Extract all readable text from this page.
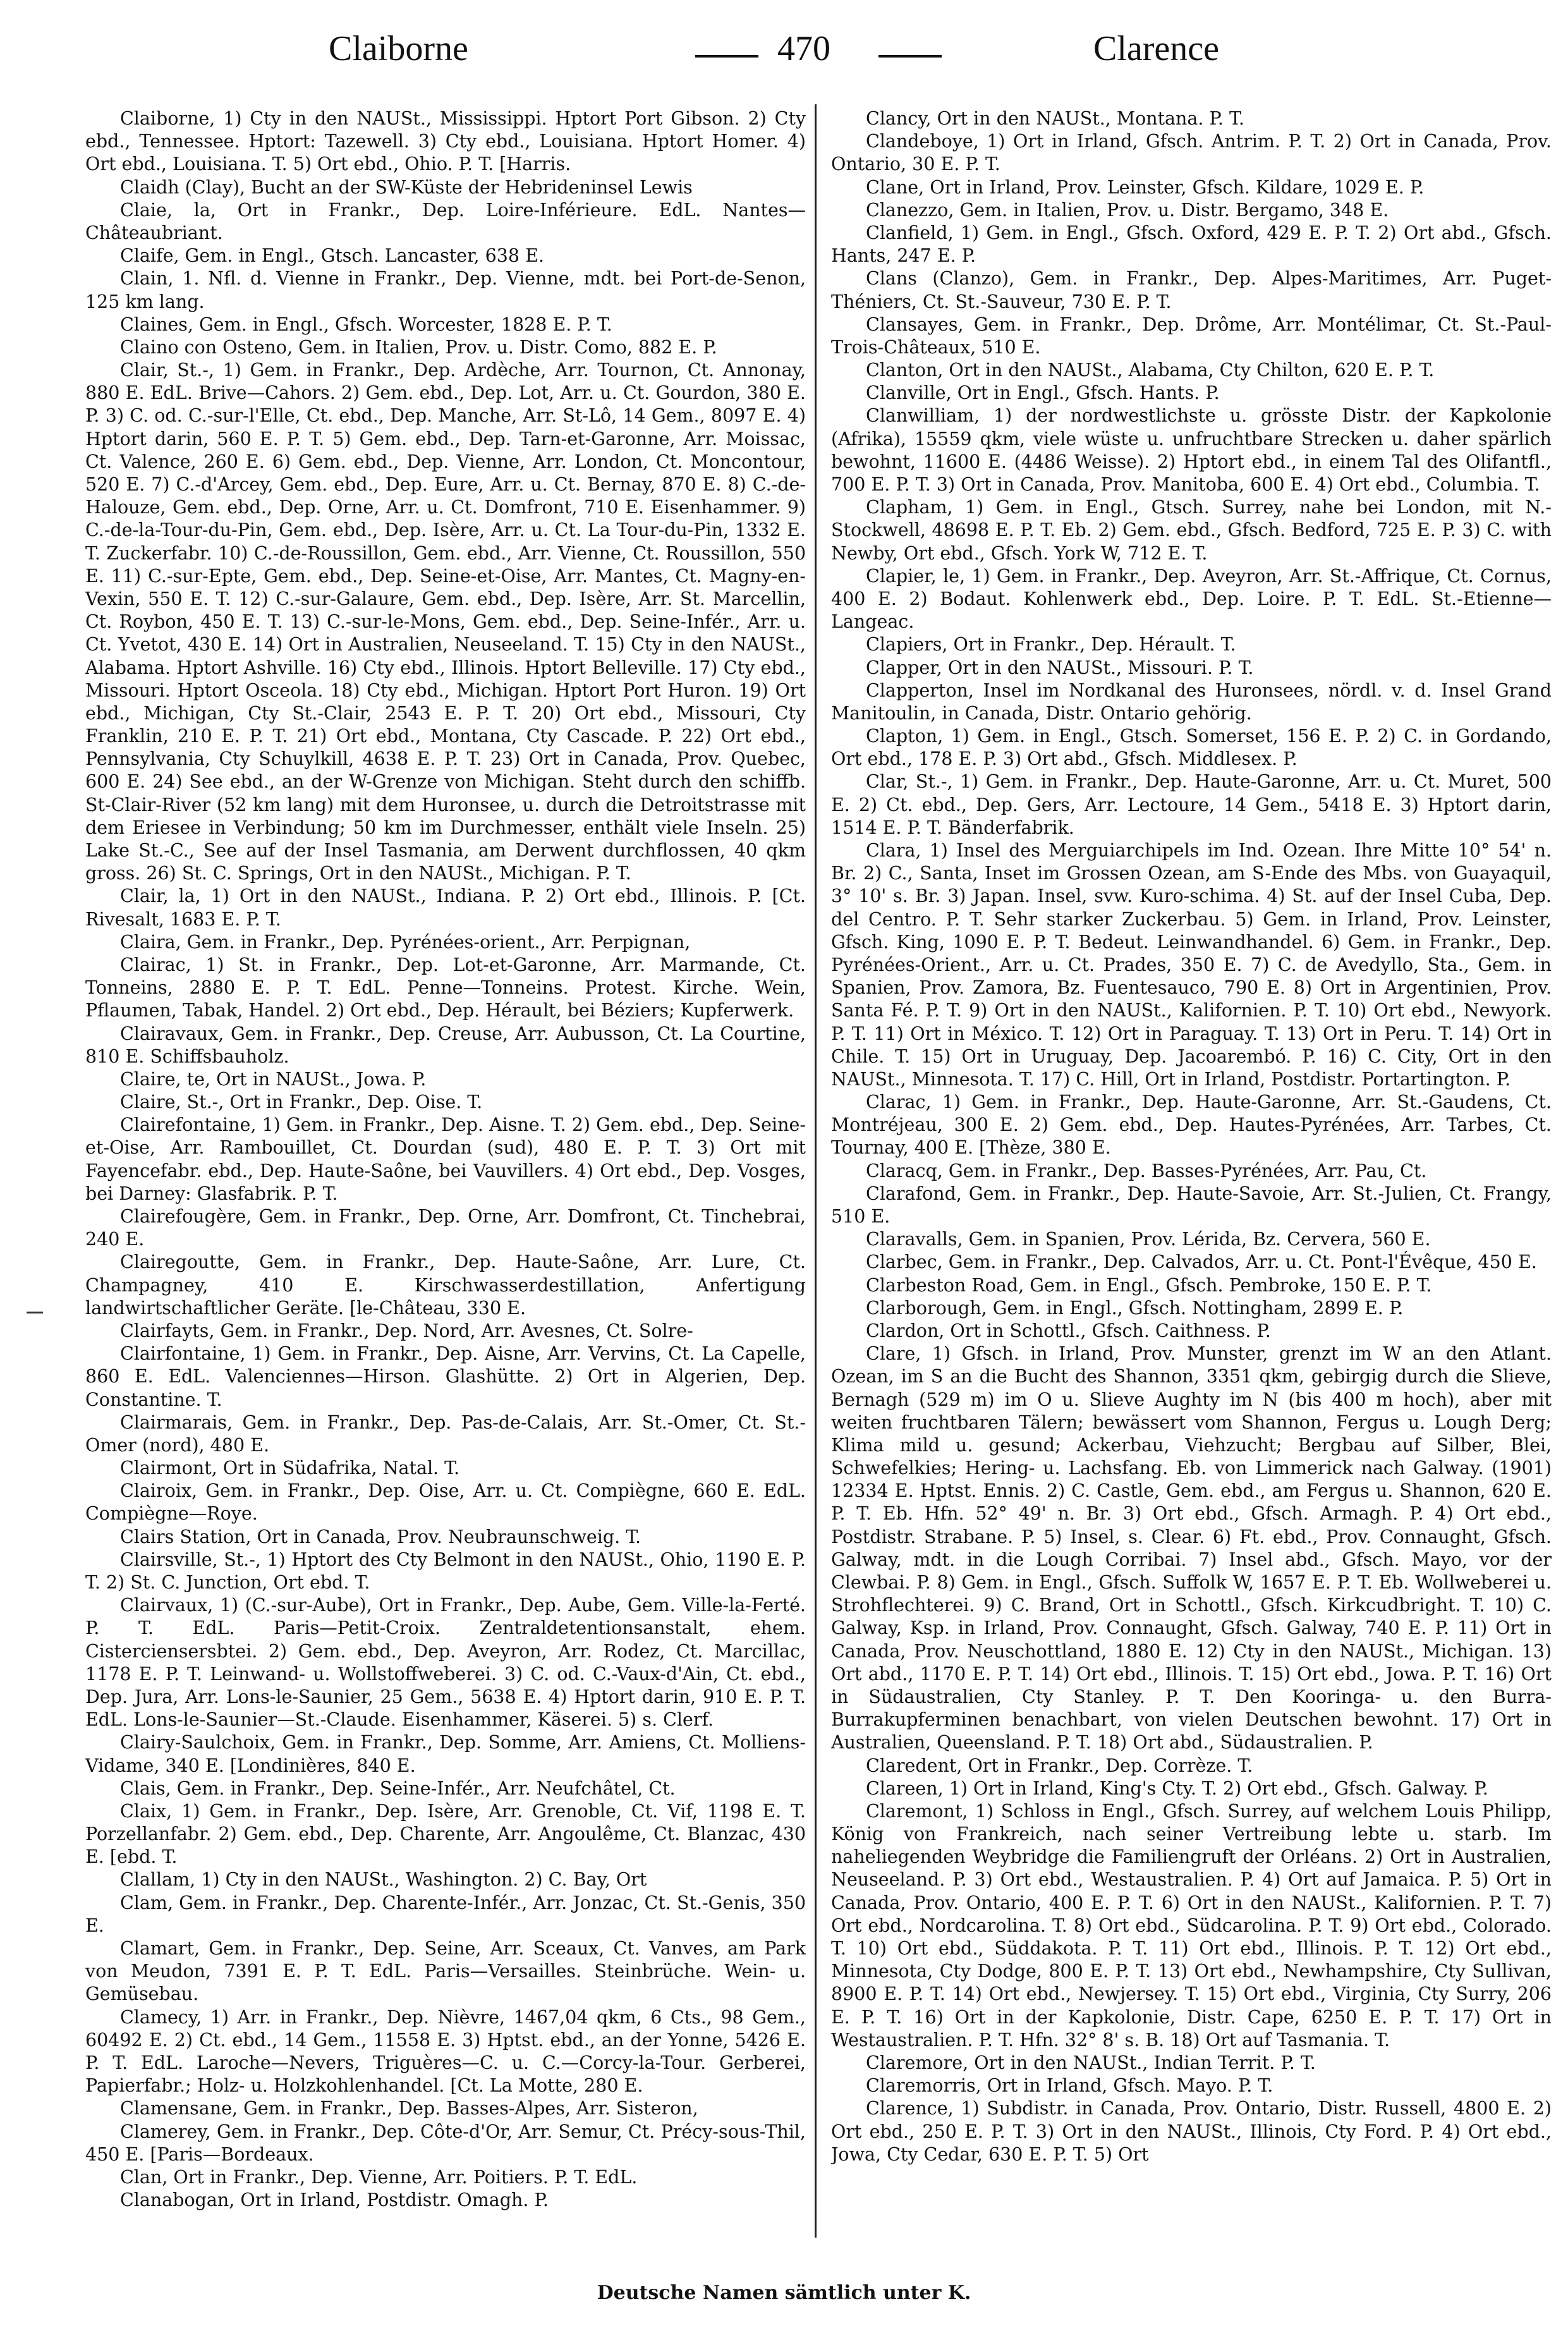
Claiborne	470	Clarence

Claiborne, 1) Cty in den NAUSt., Mississippi. Hptort Port Gibson. 2) Cty ebd., Tennessee. Hptort: Tazewell. 3) Cty ebd., Louisiana. Hptort Homer. 4) Ort ebd., Louisiana. T. 5) Ort ebd., Ohio. P. T. [Harris.

Claidh (Clay), Bucht an der SW-Küste der Hebrideninsel Lewis

Claie, la, Ort in Frankr., Dep. Loire-Inférieure. EdL. Nantes—Châteaubriant.

Claife, Gem. in Engl., Gtsch. Lancaster, 638 E.

Clain, 1. Nfl. d. Vienne in Frankr., Dep. Vienne, mdt. bei Port-de-Senon, 125 km lang.

Claines, Gem. in Engl., Gfsch. Worcester, 1828 E. P. T.

Claino con Osteno, Gem. in Italien, Prov. u. Distr. Como, 882 E. P.

Clair, St.-, 1) Gem. in Frankr., Dep. Ardèche, Arr. Tournon, Ct. Annonay, 880 E. EdL. Brive—Cahors. 2) Gem. ebd., Dep. Lot, Arr. u. Ct. Gourdon, 380 E. P. 3) C. od. C.-sur-l'Elle, Ct. ebd., Dep. Manche, Arr. St-Lô, 14 Gem., 8097 E. 4) Hptort darin, 560 E. P. T. 5) Gem. ebd., Dep. Tarn-et-Garonne, Arr. Moissac, Ct. Valence, 260 E. 6) Gem. ebd., Dep. Vienne, Arr. London, Ct. Moncontour, 520 E. 7) C.-d'Arcey, Gem. ebd., Dep. Eure, Arr. u. Ct. Bernay, 870 E. 8) C.-de-Halouze, Gem. ebd., Dep. Orne, Arr. u. Ct. Domfront, 710 E. Eisenhammer. 9) C.-de-la-Tour-du-Pin, Gem. ebd., Dep. Isère, Arr. u. Ct. La Tour-du-Pin, 1332 E. T. Zuckerfabr. 10) C.-de-Roussillon, Gem. ebd., Arr. Vienne, Ct. Roussillon, 550 E. 11) C.-sur-Epte, Gem. ebd., Dep. Seine-et-Oise, Arr. Mantes, Ct. Magny-en-Vexin, 550 E. T. 12) C.-sur-Galaure, Gem. ebd., Dep. Isère, Arr. St. Marcellin, Ct. Roybon, 450 E. T. 13) C.-sur-le-Mons, Gem. ebd., Dep. Seine-Infér., Arr. u. Ct. Yvetot, 430 E. 14) Ort in Australien, Neuseeland. T. 15) Cty in den NAUSt., Alabama. Hptort Ashville. 16) Cty ebd., Illinois. Hptort Belleville. 17) Cty ebd., Missouri. Hptort Osceola. 18) Cty ebd., Michigan. Hptort Port Huron. 19) Ort ebd., Michigan, Cty St.-Clair, 2543 E. P. T. 20) Ort ebd., Missouri, Cty Franklin, 210 E. P. T. 21) Ort ebd., Montana, Cty Cascade. P. 22) Ort ebd., Pennsylvania, Cty Schuylkill, 4638 E. P. T. 23) Ort in Canada, Prov. Quebec, 600 E. 24) See ebd., an der W-Grenze von Michigan. Steht durch den schiffb. St-Clair-River (52 km lang) mit dem Huronsee, u. durch die Detroitstrasse mit dem Eriesee in Verbindung; 50 km im Durchmesser, enthält viele Inseln. 25) Lake St.-C., See auf der Insel Tasmania, am Derwent durchflossen, 40 qkm gross. 26) St. C. Springs, Ort in den NAUSt., Michigan. P. T.

Clair, la, 1) Ort in den NAUSt., Indiana. P. 2) Ort ebd., Illinois. P. [Ct. Rivesalt, 1683 E. P. T.

Claira, Gem. in Frankr., Dep. Pyrénées-orient., Arr. Perpignan,

Clairac, 1) St. in Frankr., Dep. Lot-et-Garonne, Arr. Marmande, Ct. Tonneins, 2880 E. P. T. EdL. Penne—Tonneins. Protest. Kirche. Wein, Pflaumen, Tabak, Handel. 2) Ort ebd., Dep. Hérault, bei Béziers; Kupferwerk.

Clairavaux, Gem. in Frankr., Dep. Creuse, Arr. Aubusson, Ct. La Courtine, 810 E. Schiffsbauholz.

Claire, te, Ort in NAUSt., Jowa. P.

Claire, St.-, Ort in Frankr., Dep. Oise. T.

Clairefontaine, 1) Gem. in Frankr., Dep. Aisne. T. 2) Gem. ebd., Dep. Seine-et-Oise, Arr. Rambouillet, Ct. Dourdan (sud), 480 E. P. T. 3) Ort mit Fayencefabr. ebd., Dep. Haute-Saône, bei Vauvillers. 4) Ort ebd., Dep. Vosges, bei Darney: Glasfabrik. P. T.

Clairefougère, Gem. in Frankr., Dep. Orne, Arr. Domfront, Ct. Tinchebrai, 240 E.

Clairegoutte, Gem. in Frankr., Dep. Haute-Saône, Arr. Lure, Ct. Champagney, 410 E. Kirschwasserdestillation, Anfertigung landwirtschaftlicher Geräte. [le-Château, 330 E.

Clairfayts, Gem. in Frankr., Dep. Nord, Arr. Avesnes, Ct. Solre-

Clairfontaine, 1) Gem. in Frankr., Dep. Aisne, Arr. Vervins, Ct. La Capelle, 860 E. EdL. Valenciennes—Hirson. Glashütte. 2) Ort in Algerien, Dep. Constantine. T.

Clairmarais, Gem. in Frankr., Dep. Pas-de-Calais, Arr. St.-Omer, Ct. St.-Omer (nord), 480 E.

Clairmont, Ort in Südafrika, Natal. T.

Clairoix, Gem. in Frankr., Dep. Oise, Arr. u. Ct. Compiègne, 660 E. EdL. Compiègne—Roye.

Clairs Station, Ort in Canada, Prov. Neubraunschweig. T.

Clairsville, St.-, 1) Hptort des Cty Belmont in den NAUSt., Ohio, 1190 E. P. T. 2) St. C. Junction, Ort ebd. T.

Clairvaux, 1) (C.-sur-Aube), Ort in Frankr., Dep. Aube, Gem. Ville-la-Ferté. P. T. EdL. Paris—Petit-Croix. Zentraldetentionsanstalt, ehem. Cisterciensersbtei. 2) Gem. ebd., Dep. Aveyron, Arr. Rodez, Ct. Marcillac, 1178 E. P. T. Leinwand- u. Wollstoffweberei. 3) C. od. C.-Vaux-d'Ain, Ct. ebd., Dep. Jura, Arr. Lons-le-Saunier, 25 Gem., 5638 E. 4) Hptort darin, 910 E. P. T. EdL. Lons-le-Saunier—St.-Claude. Eisenhammer, Käserei. 5) s. Clerf.

Clairy-Saulchoix, Gem. in Frankr., Dep. Somme, Arr. Amiens, Ct. Molliens-Vidame, 340 E. [Londinières, 840 E.

Clais, Gem. in Frankr., Dep. Seine-Infér., Arr. Neufchâtel, Ct.

Claix, 1) Gem. in Frankr., Dep. Isère, Arr. Grenoble, Ct. Vif, 1198 E. T. Porzellanfabr. 2) Gem. ebd., Dep. Charente, Arr. Angoulême, Ct. Blanzac, 430 E. [ebd. T.

Clallam, 1) Cty in den NAUSt., Washington. 2) C. Bay, Ort

Clam, Gem. in Frankr., Dep. Charente-Infér., Arr. Jonzac, Ct. St.-Genis, 350 E.

Clamart, Gem. in Frankr., Dep. Seine, Arr. Sceaux, Ct. Vanves, am Park von Meudon, 7391 E. P. T. EdL. Paris—Versailles. Steinbrüche. Wein- u. Gemüsebau.

Clamecy, 1) Arr. in Frankr., Dep. Nièvre, 1467,04 qkm, 6 Cts., 98 Gem., 60492 E. 2) Ct. ebd., 14 Gem., 11558 E. 3) Hptst. ebd., an der Yonne, 5426 E. P. T. EdL. Laroche—Nevers, Triguères—C. u. C.—Corcy-la-Tour. Gerberei, Papierfabr.; Holz- u. Holzkohlenhandel. [Ct. La Motte, 280 E.

Clamensane, Gem. in Frankr., Dep. Basses-Alpes, Arr. Sisteron,

Clamerey, Gem. in Frankr., Dep. Côte-d'Or, Arr. Semur, Ct. Précy-sous-Thil, 450 E. [Paris—Bordeaux.

Clan, Ort in Frankr., Dep. Vienne, Arr. Poitiers. P. T. EdL.

Clanabogan, Ort in Irland, Postdistr. Omagh. P.

Clancy, Ort in den NAUSt., Montana. P. T.

Clandeboye, 1) Ort in Irland, Gfsch. Antrim. P. T. 2) Ort in Canada, Prov. Ontario, 30 E. P. T.

Clane, Ort in Irland, Prov. Leinster, Gfsch. Kildare, 1029 E. P.

Clanezzo, Gem. in Italien, Prov. u. Distr. Bergamo, 348 E.

Clanfield, 1) Gem. in Engl., Gfsch. Oxford, 429 E. P. T. 2) Ort abd., Gfsch. Hants, 247 E. P.

Clans (Clanzo), Gem. in Frankr., Dep. Alpes-Maritimes, Arr. Puget-Théniers, Ct. St.-Sauveur, 730 E. P. T.

Clansayes, Gem. in Frankr., Dep. Drôme, Arr. Montélimar, Ct. St.-Paul-Trois-Châteaux, 510 E.

Clanton, Ort in den NAUSt., Alabama, Cty Chilton, 620 E. P. T.

Clanville, Ort in Engl., Gfsch. Hants. P.

Clanwilliam, 1) der nordwestlichste u. grösste Distr. der Kapkolonie (Afrika), 15559 qkm, viele wüste u. unfruchtbare Strecken u. daher spärlich bewohnt, 11600 E. (4486 Weisse). 2) Hptort ebd., in einem Tal des Olifantfl., 700 E. P. T. 3) Ort in Canada, Prov. Manitoba, 600 E. 4) Ort ebd., Columbia. T.

Clapham, 1) Gem. in Engl., Gtsch. Surrey, nahe bei London, mit N.-Stockwell, 48698 E. P. T. Eb. 2) Gem. ebd., Gfsch. Bedford, 725 E. P. 3) C. with Newby, Ort ebd., Gfsch. York W, 712 E. T.

Clapier, le, 1) Gem. in Frankr., Dep. Aveyron, Arr. St.-Affrique, Ct. Cornus, 400 E. 2) Bodaut. Kohlenwerk ebd., Dep. Loire. P. T. EdL. St.-Etienne—Langeac.

Clapiers, Ort in Frankr., Dep. Hérault. T.

Clapper, Ort in den NAUSt., Missouri. P. T.

Clapperton, Insel im Nordkanal des Huronsees, nördl. v. d. Insel Grand Manitoulin, in Canada, Distr. Ontario gehörig.

Clapton, 1) Gem. in Engl., Gtsch. Somerset, 156 E. P. 2) C. in Gordando, Ort ebd., 178 E. P. 3) Ort abd., Gfsch. Middlesex. P.

Clar, St.-, 1) Gem. in Frankr., Dep. Haute-Garonne, Arr. u. Ct. Muret, 500 E. 2) Ct. ebd., Dep. Gers, Arr. Lectoure, 14 Gem., 5418 E. 3) Hptort darin, 1514 E. P. T. Bänderfabrik.

Clara, 1) Insel des Merguiarchipels im Ind. Ozean. Ihre Mitte 10° 54' n. Br. 2) C., Santa, Inset im Grossen Ozean, am S-Ende des Mbs. von Guayaquil, 3° 10' s. Br. 3) Japan. Insel, svw. Kuro-schima. 4) St. auf der Insel Cuba, Dep. del Centro. P. T. Sehr starker Zuckerbau. 5) Gem. in Irland, Prov. Leinster, Gfsch. King, 1090 E. P. T. Bedeut. Leinwandhandel. 6) Gem. in Frankr., Dep. Pyrénées-Orient., Arr. u. Ct. Prades, 350 E. 7) C. de Avedyllo, Sta., Gem. in Spanien, Prov. Zamora, Bz. Fuentesauco, 790 E. 8) Ort in Argentinien, Prov. Santa Fé. P. T. 9) Ort in den NAUSt., Kalifornien. P. T. 10) Ort ebd., Newyork. P. T. 11) Ort in México. T. 12) Ort in Paraguay. T. 13) Ort in Peru. T. 14) Ort in Chile. T. 15) Ort in Uruguay, Dep. Jacoarembó. P. 16) C. City, Ort in den NAUSt., Minnesota. T. 17) C. Hill, Ort in Irland, Postdistr. Portartington. P.

Clarac, 1) Gem. in Frankr., Dep. Haute-Garonne, Arr. St.-Gaudens, Ct. Montréjeau, 300 E. 2) Gem. ebd., Dep. Hautes-Pyrénées, Arr. Tarbes, Ct. Tournay, 400 E. [Thèze, 380 E.

Claracq, Gem. in Frankr., Dep. Basses-Pyrénées, Arr. Pau, Ct.

Clarafond, Gem. in Frankr., Dep. Haute-Savoie, Arr. St.-Julien, Ct. Frangy, 510 E.

Claravalls, Gem. in Spanien, Prov. Lérida, Bz. Cervera, 560 E.

Clarbec, Gem. in Frankr., Dep. Calvados, Arr. u. Ct. Pont-l'Évêque, 450 E.

Clarbeston Road, Gem. in Engl., Gfsch. Pembroke, 150 E. P. T.

Clarborough, Gem. in Engl., Gfsch. Nottingham, 2899 E. P.

Clardon, Ort in Schottl., Gfsch. Caithness. P.

Clare, 1) Gfsch. in Irland, Prov. Munster, grenzt im W an den Atlant. Ozean, im S an die Bucht des Shannon, 3351 qkm, gebirgig durch die Slieve, Bernagh (529 m) im O u. Slieve Aughty im N (bis 400 m hoch), aber mit weiten fruchtbaren Tälern; bewässert vom Shannon, Fergus u. Lough Derg; Klima mild u. gesund; Ackerbau, Viehzucht; Bergbau auf Silber, Blei, Schwefelkies; Hering- u. Lachsfang. Eb. von Limmerick nach Galway. (1901) 12334 E. Hptst. Ennis. 2) C. Castle, Gem. ebd., am Fergus u. Shannon, 620 E. P. T. Eb. Hfn. 52° 49' n. Br. 3) Ort ebd., Gfsch. Armagh. P. 4) Ort ebd., Postdistr. Strabane. P. 5) Insel, s. Clear. 6) Ft. ebd., Prov. Connaught, Gfsch. Galway, mdt. in die Lough Corribai. 7) Insel abd., Gfsch. Mayo, vor der Clewbai. P. 8) Gem. in Engl., Gfsch. Suffolk W, 1657 E. P. T. Eb. Wollweberei u. Strohflechterei. 9) C. Brand, Ort in Schottl., Gfsch. Kirkcudbright. T. 10) C. Galway, Ksp. in Irland, Prov. Connaught, Gfsch. Galway, 740 E. P. 11) Ort in Canada, Prov. Neuschottland, 1880 E. 12) Cty in den NAUSt., Michigan. 13) Ort abd., 1170 E. P. T. 14) Ort ebd., Illinois. T. 15) Ort ebd., Jowa. P. T. 16) Ort in Südaustralien, Cty Stanley. P. T. Den Kooringa- u. den Burra-Burrakupferminen benachbart, von vielen Deutschen bewohnt. 17) Ort in Australien, Queensland. P. T. 18) Ort abd., Südaustralien. P.

Claredent, Ort in Frankr., Dep. Corrèze. T.

Clareen, 1) Ort in Irland, King's Cty. T. 2) Ort ebd., Gfsch. Galway. P.

Claremont, 1) Schloss in Engl., Gfsch. Surrey, auf welchem Louis Philipp, König von Frankreich, nach seiner Vertreibung lebte u. starb. Im naheliegenden Weybridge die Familiengruft der Orléans. 2) Ort in Australien, Neuseeland. P. 3) Ort ebd., Westaustralien. P. 4) Ort auf Jamaica. P. 5) Ort in Canada, Prov. Ontario, 400 E. P. T. 6) Ort in den NAUSt., Kalifornien. P. T. 7) Ort ebd., Nordcarolina. T. 8) Ort ebd., Südcarolina. P. T. 9) Ort ebd., Colorado. T. 10) Ort ebd., Süddakota. P. T. 11) Ort ebd., Illinois. P. T. 12) Ort ebd., Minnesota, Cty Dodge, 800 E. P. T. 13) Ort ebd., Newhampshire, Cty Sullivan, 8900 E. P. T. 14) Ort ebd., Newjersey. T. 15) Ort ebd., Virginia, Cty Surry, 206 E. P. T. 16) Ort in der Kapkolonie, Distr. Cape, 6250 E. P. T. 17) Ort in Westaustralien. P. T. Hfn. 32° 8' s. B. 18) Ort auf Tasmania. T.

Claremore, Ort in den NAUSt., Indian Territ. P. T.

Claremorris, Ort in Irland, Gfsch. Mayo. P. T.

Clarence, 1) Subdistr. in Canada, Prov. Ontario, Distr. Russell, 4800 E. 2) Ort ebd., 250 E. P. T. 3) Ort in den NAUSt., Illinois, Cty Ford. P. 4) Ort ebd., Jowa, Cty Cedar, 630 E. P. T. 5) Ort

Deutsche Namen sämtlich unter K.
